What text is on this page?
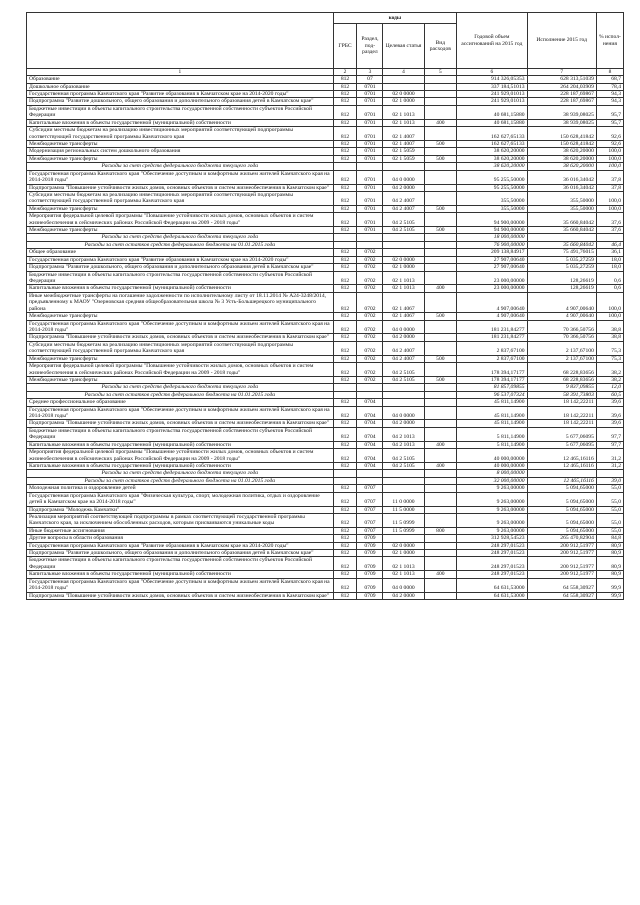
	коды				Годовой объем ассигнований на 2015 год	Исполнение 2015 год	% испол-нения
	ГРБС	Раздел, под-раздел	Целевая статья	Вид расходов			
1	2	3	4	5	6	7	8
Образование	812	07			914 326,05353	628 313,51039	68,7
Дошкольное образование	812	0701			337 184,51013	264 204,03909	78,4
Государственная программа Камчатского края "Развитие образования в Камчатском крае на 2014-2020 годы"	812	0701	02 0 0000		241 929,01013	228 187,69867	94,3
Подпрограмма "Развитие дошкольного, общего образования и дополнительного образования детей в Камчатском крае"	812	0701	02 1 0000		241 929,01013	228 187,69867	94,3
Бюджетные инвестиции в объекты капитального строительства государственной собственности субъектов Российской Федерации	812	0701	02 1 1013		40 681,15880	38 939,08025	95,7
Капитальные вложения в объекты государственной (муниципальной) собственности	812	0701	02 1 1013	400	40 681,15880	38 939,08025	95,7
Субсидии местным бюджетам на реализацию инвестиционных мероприятий соответствующей подпрограммы соответствующей государственной программы Камчатского края	812	0701	02 1 4007		162 627,65133	150 628,41842	92,6
Межбюджетные трансферты	812	0701	02 1 4007	500	162 627,65133	150 628,41842	92,6
Модернизация региональных систем дошкольного образования	812	0701	02 1 5059		38 620,20000	38 620,20000	100,0
Межбюджетные трансферты	812	0701	02 1 5059	500	38 620,20000	38 620,20000	100,0
Расходы за счет средств федерального бюджета текущего года					38 620,20000	38 620,20000	100,0
Государственная программа Камчатского края "Обеспечение доступным и комфортным жильем жителей Камчатского края на 2014-2018 годы"	812	0701	04 0 0000		95 255,50000	36 016,34042	37,8
Подпрограмма "Повышение устойчивости жилых домов, основных объектов и систем жизнеобеспечения в Камчатском крае"	812	0701	04 2 0000		95 255,50000	36 016,34042	37,8
Субсидии местным бюджетам на реализацию инвестиционных мероприятий соответствующей подпрограммы соответствующей государственной программы Камчатского края	812	0701	04 2 4007		355,50000	355,50000	100,0
Межбюджетные трансферты	812	0701	04 2 4007	500	355,50000	355,50000	100,0
Мероприятия федеральной целевой программы "Повышение устойчивости жилых домов, основных объектов и систем жизнеобеспечения в сейсмических районах Российской Федерации на 2009 - 2018 годы"	812	0701	04 2 5105		94 900,00000	35 660,84042	37,6
Межбюджетные трансферты	812	0701	04 2 5105	500	94 900,00000	35 660,84042	37,6
Расходы за счет средств федерального бюджета текущего года					18 000,00000		
Расходы за счет остатков средств федерального бюджета на 01.01.2015 года					76 900,00000	35 660,84042	46,4
Общее образование	812	0702			209 138,84917	75 491,76015	36,1
Государственная программа Камчатского края "Развитие образования в Камчатском крае на 2014-2020 годы"	812	0702	02 0 0000		27 907,00640	5 035,27259	18,0
Подпрограмма "Развитие дошкольного, общего образования и дополнительного образования детей в Камчатском крае"	812	0702	02 1 0000		27 907,00640	5 035,27259	18,0
Бюджетные инвестиции в объекты капитального строительства государственной собственности субъектов Российской Федерации	812	0702	02 1 1013		23 000,00000	128,26619	0,6
Капитальные вложения в объекты государственной (муниципальной) собственности	812	0702	02 1 1013	400	23 000,00000	128,26619	0,6
Иные межбюджетные трансферты на погашение задолженности по исполнительному листу от 18.11.2014 № А24-3248/2014, предъявленному к МАОУ "Озерновская средняя общеобразовательная школа № 3 Усть-Большерецкого муниципального района	812	0702	02 1 4067		4 907,00640	4 907,00640	100,0
Межбюджетные трансферты	812	0702	02 1 4067	500	4 907,00640	4 907,00640	100,0
Государственная программа Камчатского края "Обеспечение доступным и комфортным жильем жителей Камчатского края на 2014-2018 годы"	812	0702	04 0 0000		181 231,84277	70 366,50756	38,8
Подпрограмма "Повышение устойчивости жилых домов, основных объектов и систем жизнеобеспечения в Камчатском крае"	812	0702	04 2 0000		181 231,84277	70 366,50756	38,8
Субсидии местным бюджетам на реализацию инвестиционных мероприятий соответствующей подпрограммы соответствующей государственной программы Камчатского края	812	0702	04 2 4007		2 837,67100	2 137,67100	75,3
Межбюджетные трансферты	812	0702	04 2 4007	500	2 837,67100	2 137,67100	75,3
Мероприятия федеральной целевой программы "Повышение устойчивости жилых домов, основных объектов и систем жизнеобеспечения в сейсмических районах Российской Федерации на 2009 - 2018 годы"	812	0702	04 2 5105		178 394,17177	68 228,83656	38,2
Межбюджетные трансферты	812	0702	04 2 5105	500	178 394,17177	68 228,83656	38,2
Расходы за счет средств федерального бюджета текущего года					81 857,09855	9 837,09855	12,0
Расходы за счет остатков средств федерального бюджета на 01.01.2015 года					96 537,07324	58 391,73803	60,5
Среднее профессиональное образование	812	0704			45 811,14900	18 142,22211	39,6
Государственная программа Камчатского края "Обеспечение доступным и комфортным жильем жителей Камчатского края на 2014-2018 годы"	812	0704	04 0 0000		45 811,14900	18 142,22211	39,6
Подпрограмма "Повышение устойчивости жилых домов, основных объектов и систем жизнеобеспечения в Камчатском крае"	812	0704	04 2 0000		45 811,14900	18 142,22211	39,6
Бюджетные инвестиции в объекты капитального строительства государственной собственности субъектов Российской Федерации	812	0704	04 2 1013		5 811,14900	5 677,06095	97,7
Капитальные вложения в объекты государственной (муниципальной) собственности	812	0704	04 2 1013	400	5 811,14900	5 677,06095	97,7
Мероприятия федеральной целевой программы "Повышение устойчивости жилых домов, основных объектов и систем жизнеобеспечения в сейсмических районах Российской Федерации на 2009 - 2018 годы"	812	0704	04 2 5105		40 000,00000	12 465,16116	31,2
Капитальные вложения в объекты государственной (муниципальной) собственности	812	0704	04 2 5105	400	40 000,00000	12 465,16116	31,2
Расходы за счет средств федерального бюджета текущего года					8 000,00000		
Расходы за счет остатков средств федерального бюджета на 01.01.2015 года					32 000,00000	12 465,16116	39,0
Молодежная политика и оздоровление детей	812	0707			9 263,00000	5 094,65000	55,0
Государственная программа Камчатского края "Физическая культура, спорт, молодежная политика, отдых и оздоровление детей в Камчатском крае на 2014-2018 годы"	812	0707	11 0 0000		9 263,00000	5 094,65000	55,0
Подпрограмма "Молодежь Камчатки"	812	0707	11 5 0000		9 263,00000	5 094,65000	55,0
Реализация мероприятий соответствующей подпрограммы в рамках соответствующей государственной программы Камчатского края, за исключением обособленных расходов, которым присваиваются уникальные коды	812	0707	11 5 0999		9 263,00000	5 094,65000	55,0
Иные бюджетные ассигнования	812	0707	11 5 0999	800	9 263,00000	5 094,65000	55,0
Другие вопросы в области образования	812	0709			312 928,54523	265 470,82904	84,8
Государственная программа Камчатского края "Развитие образования в Камчатском крае на 2014-2020 годы"	812	0709	02 0 0000		248 297,01523	200 912,51977	80,9
Подпрограмма "Развитие дошкольного, общего образования и дополнительного образования детей в Камчатском крае"	812	0709	02 1 0000		248 297,01523	200 912,51977	80,9
Бюджетные инвестиции в объекты капитального строительства государственной собственности субъектов Российской Федерации	812	0709	02 1 1013		248 297,01523	200 912,51977	80,9
Капитальные вложения в объекты государственной (муниципальной) собственности	812	0709	02 1 1013	400	248 297,01523	200 912,51977	80,9
Государственная программа Камчатского края "Обеспечение доступным и комфортным жильем жителей Камчатского края на 2014-2018 годы"	812	0709	04 0 0000		64 631,53000	64 558,30927	99,9
Подпрограмма "Повышение устойчивости жилых домов, основных объектов и систем жизнеобеспечения в Камчатском крае"	812	0709	04 2 0000		64 631,53000	64 558,30927	99,9
